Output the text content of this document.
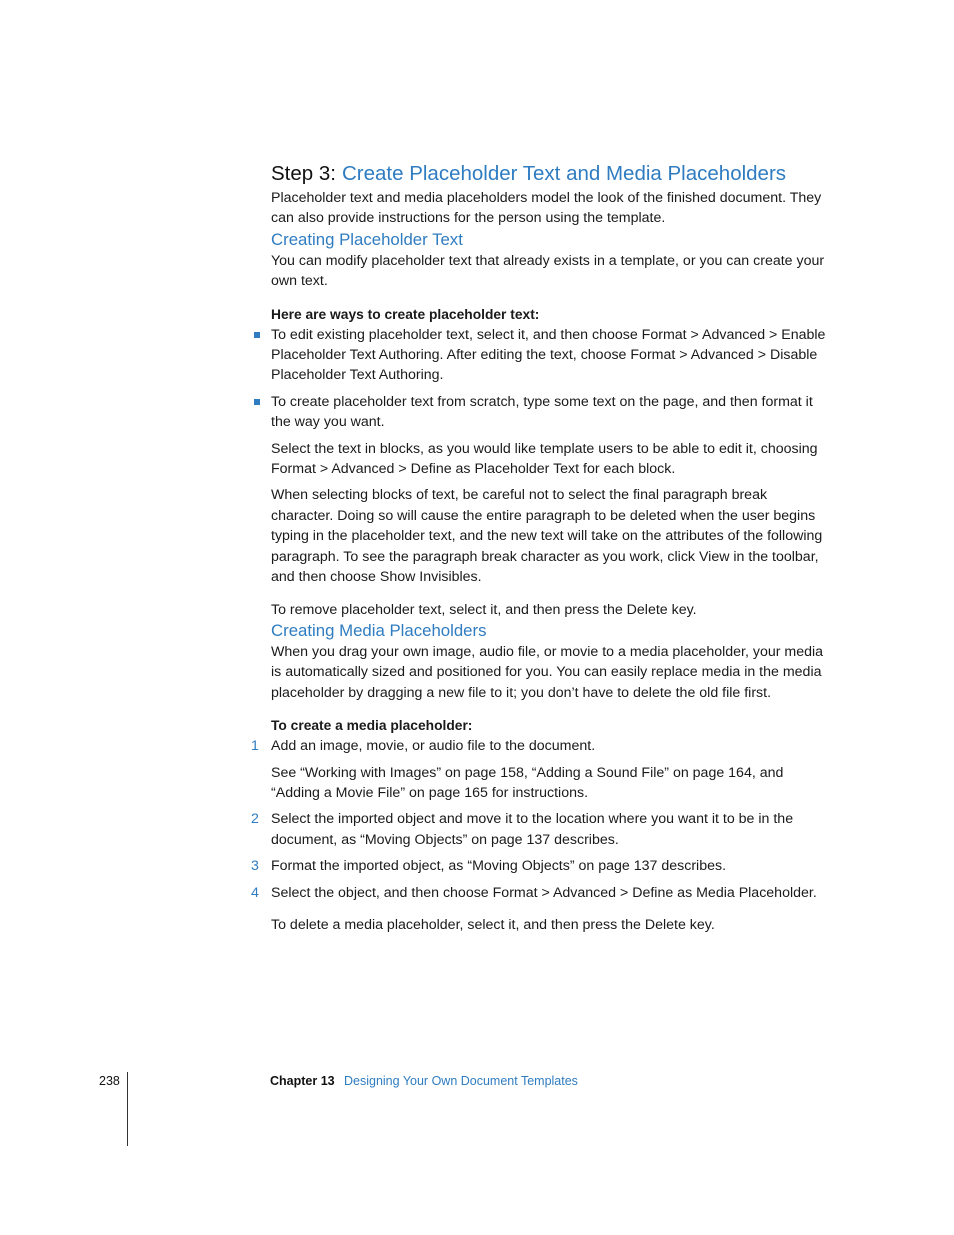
Step 3: Create Placeholder Text and Media Placeholders

Placeholder text and media placeholders model the look of the finished document. They can also provide instructions for the person using the template.

Creating Placeholder Text

You can modify placeholder text that already exists in a template, or you can create your own text.

Here are ways to create placeholder text:

To edit existing placeholder text, select it, and then choose Format > Advanced > Enable Placeholder Text Authoring. After editing the text, choose Format > Advanced > Disable Placeholder Text Authoring.

To create placeholder text from scratch, type some text on the page, and then format it the way you want.

Select the text in blocks, as you would like template users to be able to edit it, choosing Format > Advanced > Define as Placeholder Text for each block.

When selecting blocks of text, be careful not to select the final paragraph break character. Doing so will cause the entire paragraph to be deleted when the user begins typing in the placeholder text, and the new text will take on the attributes of the following paragraph. To see the paragraph break character as you work, click View in the toolbar, and then choose Show Invisibles.

To remove placeholder text, select it, and then press the Delete key.

Creating Media Placeholders

When you drag your own image, audio file, or movie to a media placeholder, your media is automatically sized and positioned for you. You can easily replace media in the media placeholder by dragging a new file to it; you don’t have to delete the old file first.

To create a media placeholder:

1 Add an image, movie, or audio file to the document.

See “Working with Images” on page 158, “Adding a Sound File” on page 164, and “Adding a Movie File” on page 165 for instructions.

2 Select the imported object and move it to the location where you want it to be in the document, as “Moving Objects” on page 137 describes.

3 Format the imported object, as “Moving Objects” on page 137 describes.

4 Select the object, and then choose Format > Advanced > Define as Media Placeholder.

To delete a media placeholder, select it, and then press the Delete key.

238	Chapter 13 Designing Your Own Document Templates
